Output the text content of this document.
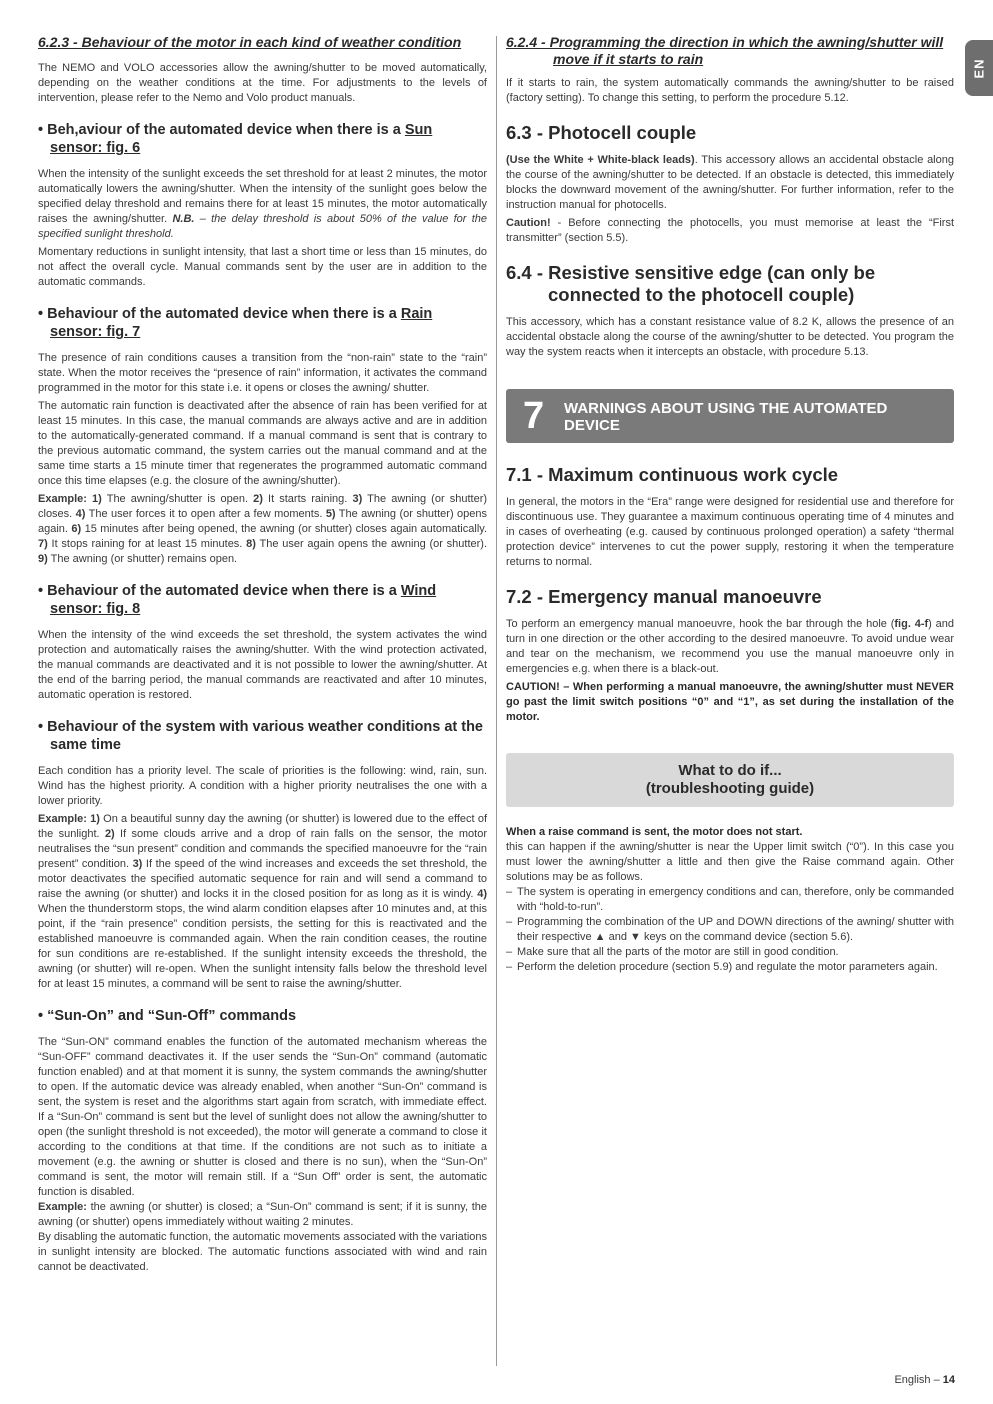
EN
6.2.3 - Behaviour of the motor in each kind of weather condition

The NEMO and VOLO accessories allow the awning/shutter to be moved automatically, depending on the weather conditions at the time. For adjustments to the levels of intervention, please refer to the Nemo and Volo product manuals.

• Beh,aviour of the automated device when there is a Sun sensor: fig. 6

When the intensity of the sunlight exceeds the set threshold for at least 2 minutes, the motor automatically lowers the awning/shutter. When the intensity of the sunlight goes below the specified delay threshold and remains there for at least 15 minutes, the motor automatically raises the awning/shutter. N.B. – the delay threshold is about 50% of the value for the specified sunlight threshold.

Momentary reductions in sunlight intensity, that last a short time or less than 15 minutes, do not affect the overall cycle. Manual commands sent by the user are in addition to the automatic commands.

• Behaviour of the automated device when there is a Rain sensor: fig. 7

The presence of rain conditions causes a transition from the “non-rain” state to the “rain” state. When the motor receives the “presence of rain” information, it activates the command programmed in the motor for this state i.e. it opens or closes the awning/ shutter.

The automatic rain function is deactivated after the absence of rain has been verified for at least 15 minutes. In this case, the manual commands are always active and are in addition to the automatically-generated command. If a manual command is sent that is contrary to the previous automatic command, the system carries out the manual command and at the same time starts a 15 minute timer that regenerates the programmed automatic command once this time elapses (e.g. the closure of the awning/shutter).

Example: 1) The awning/shutter is open. 2) It starts raining. 3) The awning (or shutter) closes. 4) The user forces it to open after a few moments. 5) The awning (or shutter) opens again. 6) 15 minutes after being opened, the awning (or shutter) closes again automatically. 7) It stops raining for at least 15 minutes. 8) The user again opens the awning (or shutter). 9) The awning (or shutter) remains open.

• Behaviour of the automated device when there is a Wind sensor: fig. 8

When the intensity of the wind exceeds the set threshold, the system activates the wind protection and automatically raises the awning/shutter. With the wind protection activated, the manual commands are deactivated and it is not possible to lower the awning/shutter. At the end of the barring period, the manual commands are reactivated and after 10 minutes, automatic operation is restored.

• Behaviour of the system with various weather conditions at the same time

Each condition has a priority level. The scale of priorities is the following: wind, rain, sun. Wind has the highest priority. A condition with a higher priority neutralises the one with a lower priority.

Example: 1) On a beautiful sunny day the awning (or shutter) is lowered due to the effect of the sunlight. 2) If some clouds arrive and a drop of rain falls on the sensor, the motor neutralises the “sun present” condition and commands the specified manoeuvre for the “rain present” condition. 3) If the speed of the wind increases and exceeds the set threshold, the motor deactivates the specified automatic sequence for rain and will send a command to raise the awning (or shutter) and locks it in the closed position for as long as it is windy. 4) When the thunderstorm stops, the wind alarm condition elapses after 10 minutes and, at this point, if the “rain presence” condition persists, the setting for this is reactivated and the established manoeuvre is commanded again. When the rain condition ceases, the routine for sun conditions are re-established. If the sunlight intensity exceeds the threshold, the awning (or shutter) will re-open. When the sunlight intensity falls below the threshold level for at least 15 minutes, a command will be sent to raise the awning/shutter.

• “Sun-On” and “Sun-Off” commands

The “Sun-ON” command enables the function of the automated mechanism whereas the “Sun-OFF” command deactivates it. If the user sends the “Sun-On” command (automatic function enabled) and at that moment it is sunny, the system commands the awning/shutter to open. If the automatic device was already enabled, when another “Sun-On” command is sent, the system is reset and the algorithms start again from scratch, with immediate effect. If a “Sun-On” command is sent but the level of sunlight does not allow the awning/shutter to open (the sunlight threshold is not exceeded), the motor will generate a command to close it according to the conditions at that time. If the conditions are not such as to initiate a movement (e.g. the awning or shutter is closed and there is no sun), when the “Sun-On” command is sent, the motor will remain still. If a “Sun Off” order is sent, the automatic function is disabled.

Example: the awning (or shutter) is closed; a “Sun-On” command is sent; if it is sunny, the awning (or shutter) opens immediately without waiting 2 minutes.

By disabling the automatic function, the automatic movements associated with the variations in sunlight intensity are blocked. The automatic functions associated with wind and rain cannot be deactivated.

6.2.4 - Programming the direction in which the awning/shutter will move if it starts to rain

If it starts to rain, the system automatically commands the awning/shutter to be raised (factory setting). To change this setting, to perform the procedure 5.12.

6.3 - Photocell couple

(Use the White + White-black leads). This accessory allows an accidental obstacle along the course of the awning/shutter to be detected. If an obstacle is detected, this immediately blocks the downward movement of the awning/shutter. For further information, refer to the instruction manual for photocells.

Caution! - Before connecting the photocells, you must memorise at least the “First transmitter” (section 5.5).

6.4 - Resistive sensitive edge (can only be connected to the photocell couple)

This accessory, which has a constant resistance value of 8.2 K, allows the presence of an accidental obstacle along the course of the awning/shutter to be detected. You program the way the system reacts when it intercepts an obstacle, with procedure 5.13.

7 WARNINGS ABOUT USING THE AUTOMATED DEVICE
7.1 - Maximum continuous work cycle

In general, the motors in the “Era” range were designed for residential use and therefore for discontinuous use. They guarantee a maximum continuous operating time of 4 minutes and in cases of overheating (e.g. caused by continuous prolonged operation) a safety “thermal protection device” intervenes to cut the power supply, restoring it when the temperature returns to normal.

7.2 - Emergency manual manoeuvre

To perform an emergency manual manoeuvre, hook the bar through the hole (fig. 4-f) and turn in one direction or the other according to the desired manoeuvre. To avoid undue wear and tear on the mechanism, we recommend you use the manual manoeuvre only in emergencies e.g. when there is a black-out.

CAUTION! – When performing a manual manoeuvre, the awning/shutter must NEVER go past the limit switch positions “0” and “1”, as set during the installation of the motor.

What to do if...
(troubleshooting guide)

When a raise command is sent, the motor does not start.

this can happen if the awning/shutter is near the Upper limit switch (“0”). In this case you must lower the awning/shutter a little and then give the Raise command again. Other solutions may be as follows.

– The system is operating in emergency conditions and can, therefore, only be commanded with “hold-to-run”.
– Programming the combination of the UP and DOWN directions of the awning/ shutter with their respective ▲ and ▼ keys on the command device (section 5.6).
– Make sure that all the parts of the motor are still in good condition.
– Perform the deletion procedure (section 5.9) and regulate the motor parameters again.
English – 14
